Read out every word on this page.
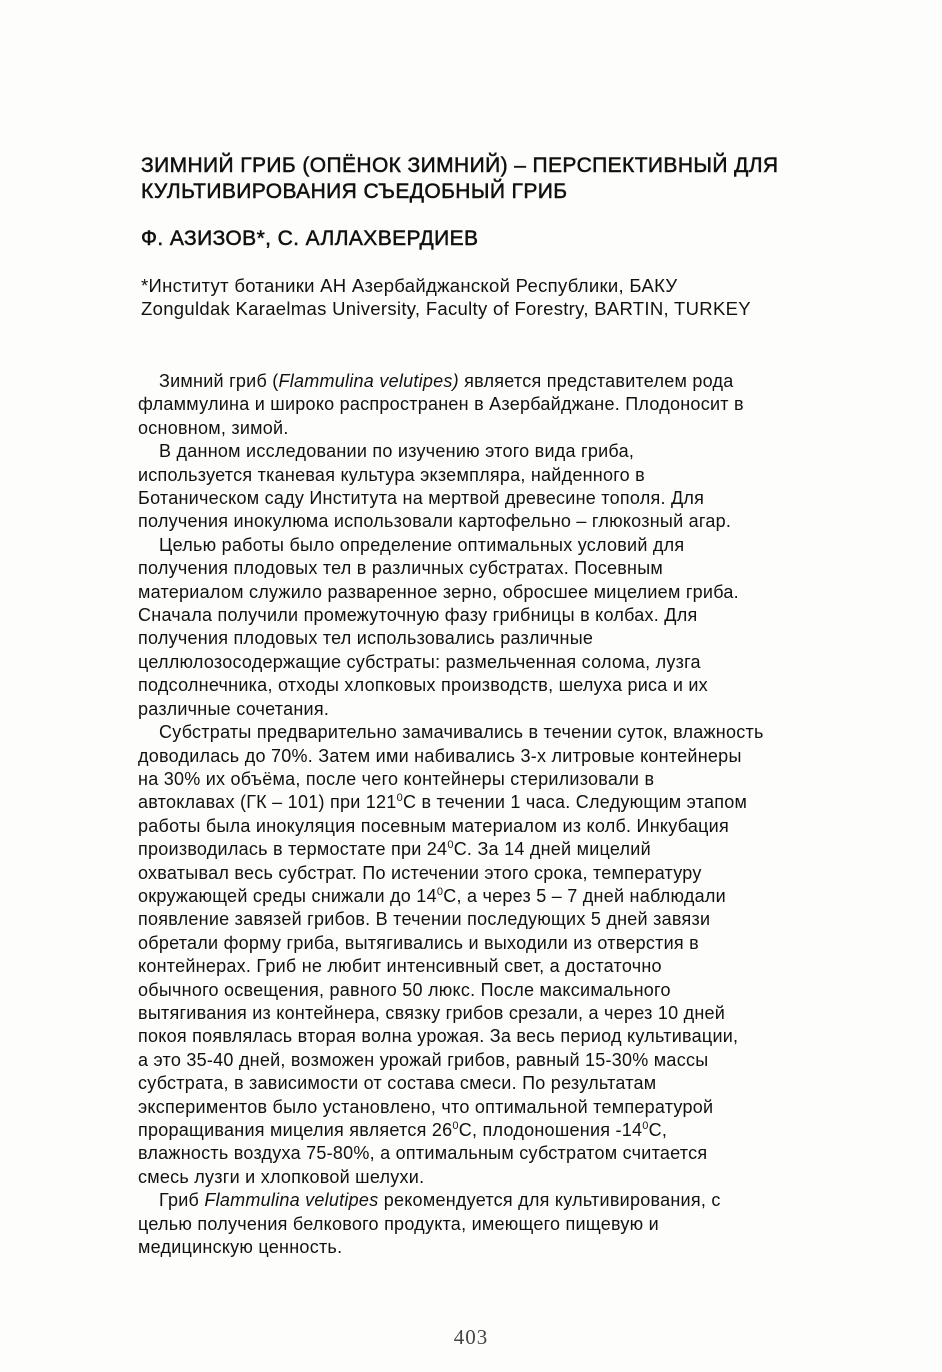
ЗИМНИЙ ГРИБ (ОПЁНОК ЗИМНИЙ) – ПЕРСПЕКТИВНЫЙ ДЛЯ
КУЛЬТИВИРОВАНИЯ СЪЕДОБНЫЙ ГРИБ
Ф. АЗИЗОВ*, С. АЛЛАХВЕРДИЕВ
*Институт ботаники АН Азербайджанской Республики, БАКУ
Zonguldak Karaelmas University, Faculty of Forestry, BARTIN, TURKEY

Зимний гриб (Flammulina velutipes) является представителем рода
фламмулина и широко распространен в Азербайджане. Плодоносит в
основном, зимой.

В данном исследовании по изучению этого вида гриба,
используется тканевая культура экземпляра, найденного в
Ботаническом саду Института на мертвой древесине тополя. Для
получения инокулюма использовали картофельно – глюкозный агар.

Целью работы было определение оптимальных условий для
получения плодовых тел в различных субстратах. Посевным
материалом служило разваренное зерно, обросшее мицелием гриба.
Сначала получили промежуточную фазу грибницы в колбах. Для
получения плодовых тел использовались различные
целлюлозосодержащие субстраты: размельченная солома, лузга
подсолнечника, отходы хлопковых производств, шелуха риса и их
различные сочетания.

Субстраты предварительно замачивались в течении суток, влажность
доводилась до 70%. Затем ими набивались 3-х литровые контейнеры
на 30% их объёма, после чего контейнеры стерилизовали в
автоклавах (ГК – 101) при $121^0С$ в течении 1 часа. Следующим этапом
работы была инокуляция посевным материалом из колб. Инкубация
производилась в термостате при $24^0С$. За 14 дней мицелий
охватывал весь субстрат. По истечении этого срока, температуру
окружающей среды снижали до $14^0С$, а через 5 – 7 дней наблюдали
появление завязей грибов. В течении последующих 5 дней завязи
обретали форму гриба, вытягивались и выходили из отверстия в
контейнерах. Гриб не любит интенсивный свет, а достаточно
обычного освещения, равного 50 люкс. После максимального
вытягивания из контейнера, связку грибов срезали, а через 10 дней
покоя появлялась вторая волна урожая. За весь период культивации,
а это 35-40 дней, возможен урожай грибов, равный 15-30% массы
субстрата, в зависимости от состава смеси. По результатам
экспериментов было установлено, что оптимальной температурой
проращивания мицелия является $26^0С$, плодоношения $-14^0С$,
влажность воздуха 75-80%, а оптимальным субстратом считается
смесь лузги и хлопковой шелухи.

Гриб Flammulina velutipes рекомендуется для культивирования, с
целью получения белкового продукта, имеющего пищевую и
медицинскую ценность.

403
